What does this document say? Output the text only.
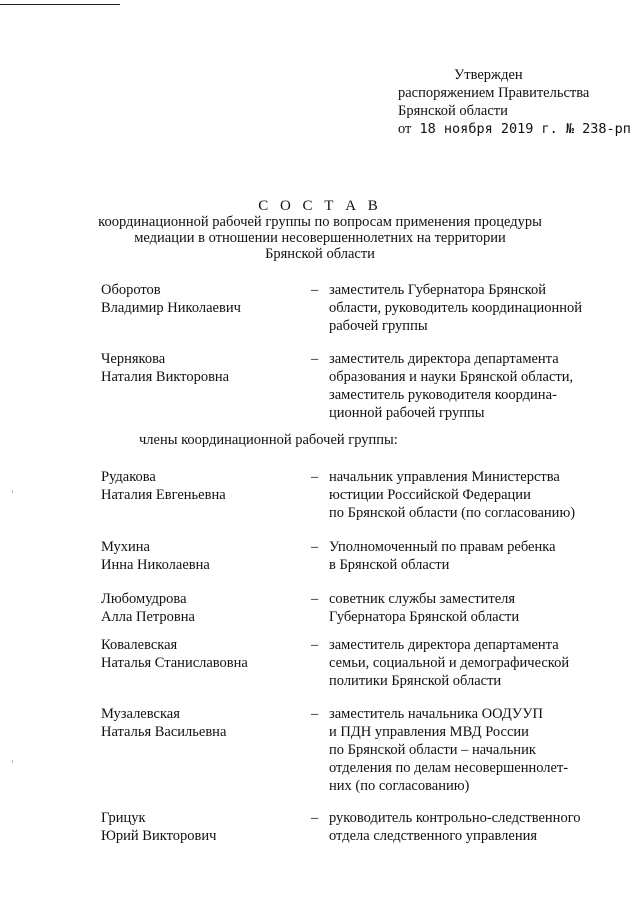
Утвержден
распоряжением Правительства
Брянской области
от 18 ноября 2019 г. № 238-рп
С О С Т А В
координационной рабочей группы по вопросам применения процедуры
медиации в отношении несовершеннолетних на территории
Брянской области
Оборотов
Владимир Николаевич
– заместитель Губернатора Брянской
области, руководитель координационной
рабочей группы
Чернякова
Наталия Викторовна
– заместитель директора департамента
образования и науки Брянской области,
заместитель руководителя координа-
ционной рабочей группы
члены координационной рабочей группы:
Рудакова
Наталия Евгеньевна
– начальник управления Министерства
юстиции Российской Федерации
по Брянской области (по согласованию)
Мухина
Инна Николаевна
– Уполномоченный по правам ребенка
в Брянской области
Любомудрова
Алла Петровна
– советник службы заместителя
Губернатора Брянской области
Ковалевская
Наталья Станиславовна
– заместитель директора департамента
семьи, социальной и демографической
политики Брянской области
Музалевская
Наталья Васильевна
– заместитель начальника ООДУУП
и ПДН управления МВД России
по Брянской области – начальник
отделения по делам несовершеннолет-
них (по согласованию)
Грицук
Юрий Викторович
– руководитель контрольно-следственного
отдела следственного управления
